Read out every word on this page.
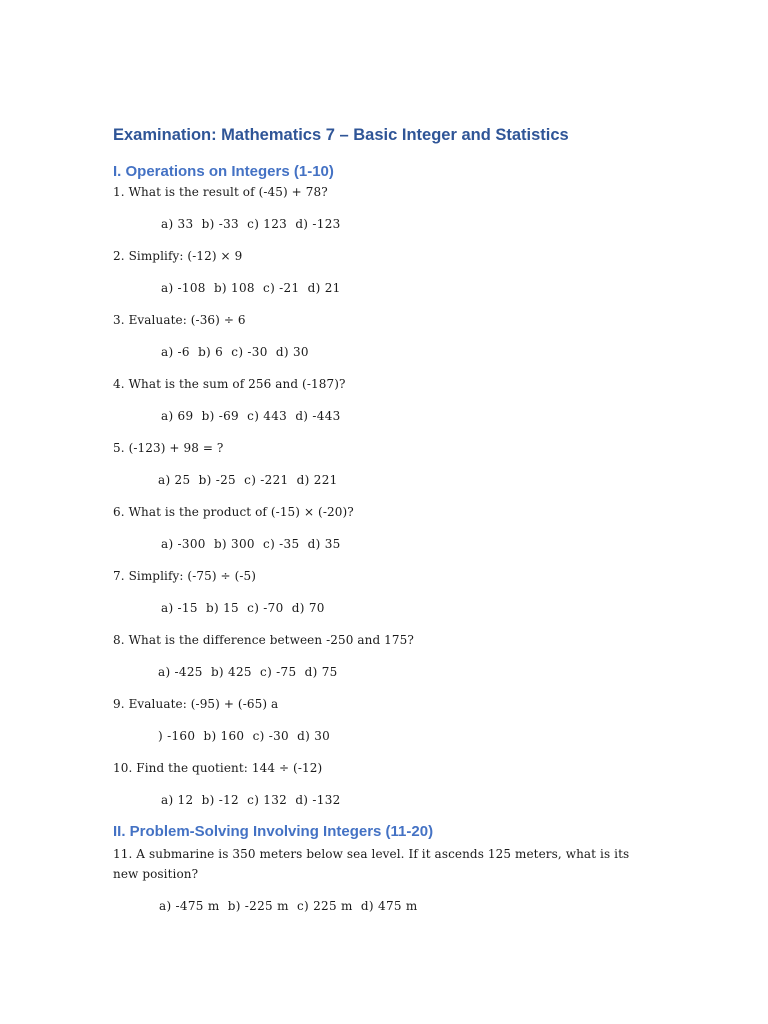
Examination: Mathematics 7 – Basic Integer and Statistics
I. Operations on Integers (1-10)

1. What is the result of (-45) + 78?

a) 33  b) -33  c) 123  d) -123

2. Simplify: (-12) × 9

a) -108  b) 108  c) -21  d) 21

3. Evaluate: (-36) ÷ 6

a) -6  b) 6  c) -30  d) 30

4. What is the sum of 256 and (-187)?

a) 69  b) -69  c) 443  d) -443

5. (-123) + 98 = ?

a) 25  b) -25  c) -221  d) 221

6. What is the product of (-15) × (-20)?

a) -300  b) 300  c) -35  d) 35

7. Simplify: (-75) ÷ (-5)

a) -15  b) 15  c) -70  d) 70

8. What is the difference between -250 and 175?

a) -425  b) 425  c) -75  d) 75

9. Evaluate: (-95) + (-65) a

) -160  b) 160  c) -30  d) 30

10. Find the quotient: 144 ÷ (-12)

a) 12  b) -12  c) 132  d) -132

II. Problem-Solving Involving Integers (11-20)

11. A submarine is 350 meters below sea level. If it ascends 125 meters, what is its new position?

a) -475 m  b) -225 m  c) 225 m  d) 475 m
